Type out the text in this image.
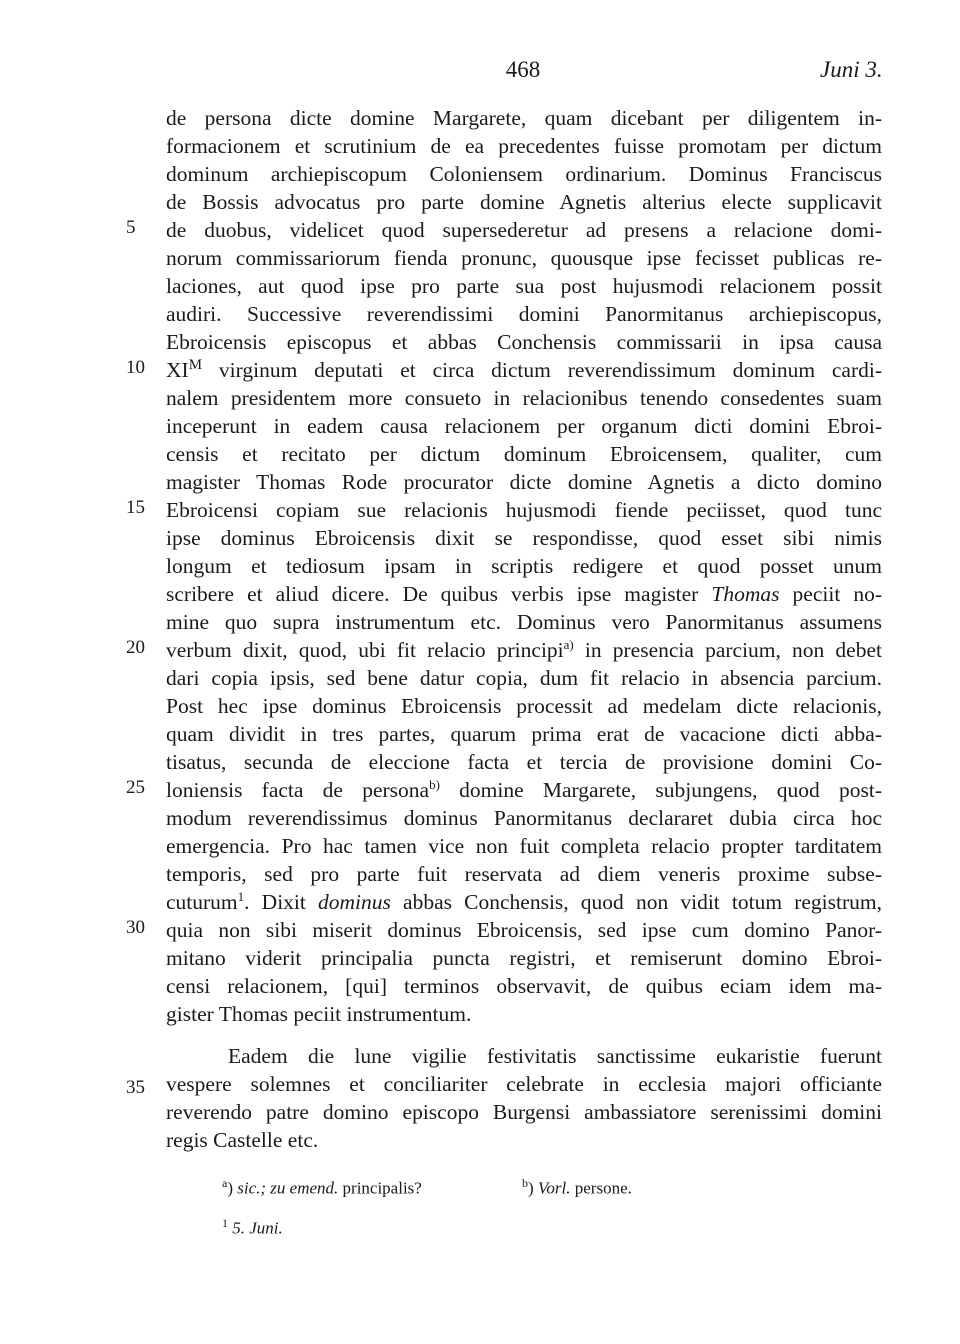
468	Juni 3.
de persona dicte domine Margarete, quam dicebant per diligentem in-
formacionem et scrutinium de ea precedentes fuisse promotam per dictum
dominum archiepiscopum Coloniensem ordinarium. Dominus Franciscus
de Bossis advocatus pro parte domine Agnetis alterius electe supplicavit
de duobus, videlicet quod supersederetur ad presens a relacione domi-
norum commissariorum fienda pronunc, quousque ipse fecisset publicas re-
laciones, aut quod ipse pro parte sua post hujusmodi relacionem possit
audiri. Successive reverendissimi domini Panormitanus archiepiscopus,
Ebroicensis episcopus et abbas Conchensis commissarii in ipsa causa
$XI^M$ virginum deputati et circa dictum reverendissimum dominum cardi-
nalem presidentem more consueto in relacionibus tenendo consedentes suam
inceperunt in eadem causa relacionem per organum dicti domini Ebroi-
censis et recitato per dictum dominum Ebroicensem, qualiter, cum
magister Thomas Rode procurator dicte domine Agnetis a dicto domino
Ebroicensi copiam sue relacionis hujusmodi fiende peciisset, quod tunc
ipse dominus Ebroicensis dixit se respondisse, quod esset sibi nimis
longum et tediosum ipsam in scriptis redigere et quod posset unum
scribere et aliud dicere. De quibus verbis ipse magister Thomas peciit no-
mine quo supra instrumentum etc. Dominus vero Panormitanus assumens
verbum dixit, quod, ubi fit relacio principi$^{a)}$ in presencia parcium, non debet
dari copia ipsis, sed bene datur copia, dum fit relacio in absencia parcium.
Post hec ipse dominus Ebroicensis processit ad medelam dicte relacionis,
quam dividit in tres partes, quarum prima erat de vacacione dicti abba-
tisatus, secunda de eleccione facta et tercia de provisione domini Co-
loniensis facta de persona$^{b)}$ domine Margarete, subjungens, quod post-
modum reverendissimus dominus Panormitanus declararet dubia circa hoc
emergencia. Pro hac tamen vice non fuit completa relacio propter tarditatem
temporis, sed pro parte fuit reservata ad diem veneris proxime subse-
cuturum$^1$. Dixit dominus abbas Conchensis, quod non vidit totum registrum,
quia non sibi miserit dominus Ebroicensis, sed ipse cum domino Panor-
mitano viderit principalia puncta registri, et remiserunt domino Ebroi-
censi relacionem, [qui] terminos observavit, de quibus eciam idem ma-
gister Thomas peciit instrumentum.
Eadem die lune vigilie festivitatis sanctissime eukaristie fuerunt
vespere solemnes et conciliariter celebrate in ecclesia majori officiante
reverendo patre domino episcopo Burgensi ambassiatore serenissimi domini
regis Castelle etc.
5
10
15
20
25
30
35
$^a$) sic.; zu emend. principalis?	$^b$) Vorl. persone.
$^1$ 5. Juni.
